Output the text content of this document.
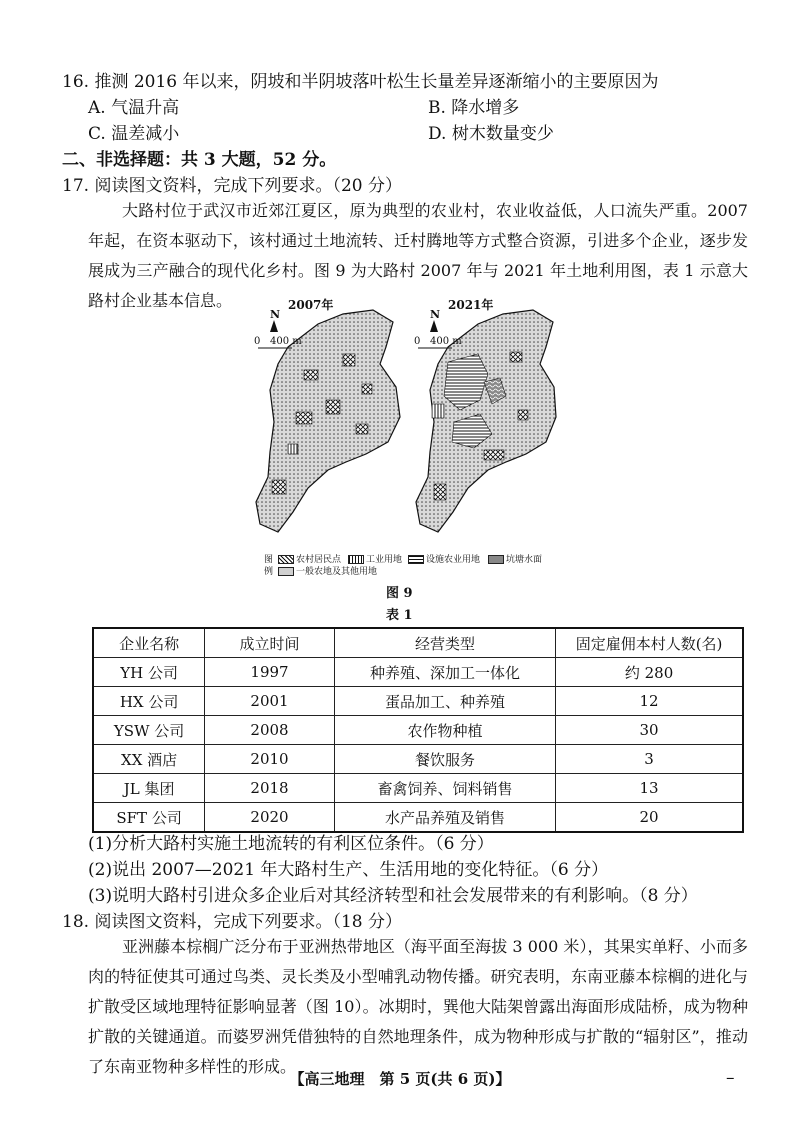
16. 推测 2016 年以来，阴坡和半阴坡落叶松生长量差异逐渐缩小的主要原因为
A. 气温升高	B. 降水增多
C. 温差减小	D. 树木数量变少
二、非选择题：共 3 大题，52 分。
17. 阅读图文资料，完成下列要求。（20 分）
大路村位于武汉市近郊江夏区，原为典型的农业村，农业收益低，人口流失严重。2007 年起，在资本驱动下，该村通过土地流转、迁村腾地等方式整合资源，引进多个企业，逐步发展成为三产融合的现代化乡村。图 9 为大路村 2007 年与 2021 年土地利用图，表 1 示意大路村企业基本信息。	2007年	2021年
N
0 400 m
N
0 400 m
图
例
农村居民点	工业用地	设施农业用地	坑塘水面
一般农地及其他用地
图 9
表 1
企业名称	成立时间	经营类型	固定雇佣本村人数(名)
YH 公司	1997	种养殖、深加工一体化	约 280
HX 公司	2001	蛋品加工、种养殖	12
YSW 公司	2008	农作物种植	30
XX 酒店	2010	餐饮服务	3
JL 集团	2018	畜禽饲养、饲料销售	13
SFT 公司	2020	水产品养殖及销售	20
(1)分析大路村实施土地流转的有利区位条件。（6 分）
(2)说出 2007—2021 年大路村生产、生活用地的变化特征。（6 分）
(3)说明大路村引进众多企业后对其经济转型和社会发展带来的有利影响。（8 分）
18. 阅读图文资料，完成下列要求。（18 分）
亚洲藤本棕榈广泛分布于亚洲热带地区（海平面至海拔 3 000 米），其果实单籽、小而多肉的特征使其可通过鸟类、灵长类及小型哺乳动物传播。研究表明，东南亚藤本棕榈的进化与扩散受区域地理特征影响显著（图 10）。冰期时，巽他大陆架曾露出海面形成陆桥，成为物种扩散的关键通道。而婆罗洲凭借独特的自然地理条件，成为物种形成与扩散的“辐射区”，推动了东南亚物种多样性的形成。
【高三地理　第 5 页(共 6 页)】	–
